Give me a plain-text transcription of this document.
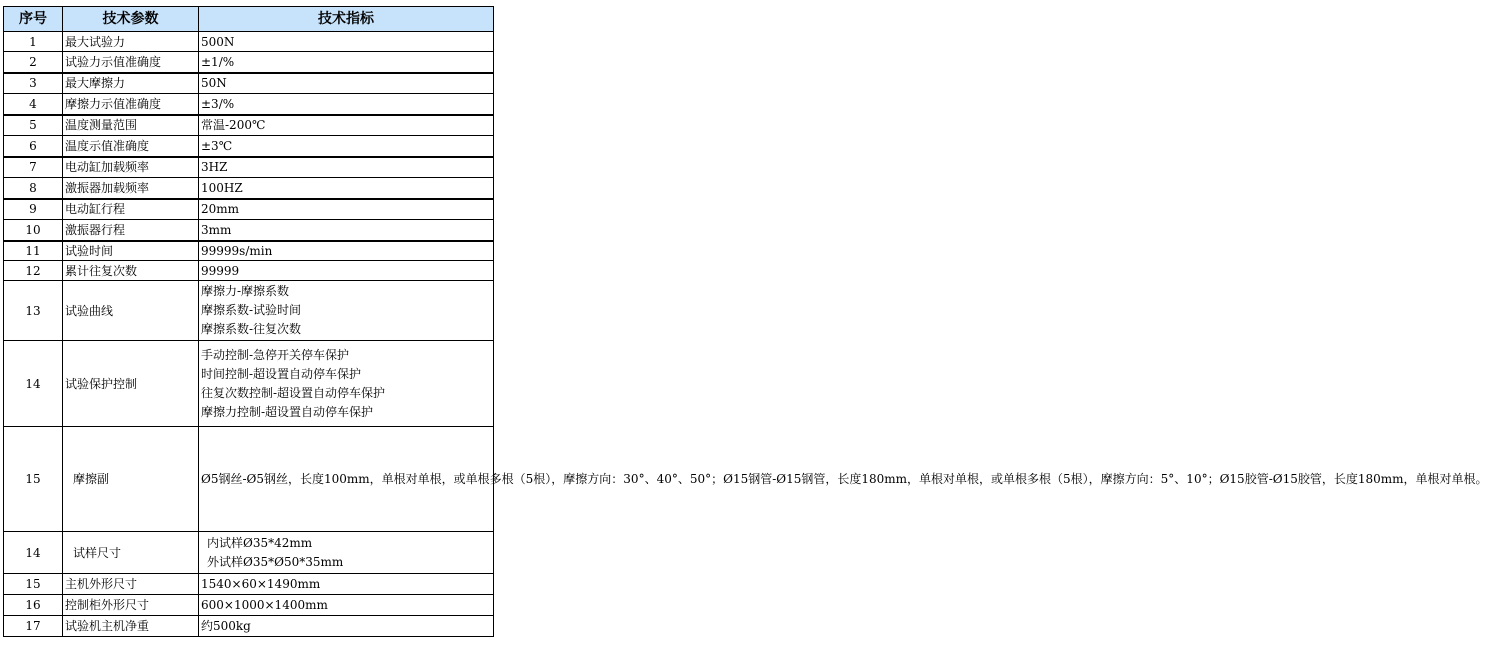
序号	技术参数	技术指标
1	最大试验力	500N
2	试验力示值准确度	±1/%
3	最大摩擦力	50N
4	摩擦力示值准确度	±3/%
5	温度测量范围	常温-200℃
6	温度示值准确度	±3℃
7	电动缸加载频率	3HZ
8	激振器加载频率	100HZ
9	电动缸行程	20mm
10	激振器行程	3mm
11	试验时间	99999s/min
12	累计往复次数	99999
13	试验曲线	摩擦力-摩擦系数
摩擦系数-试验时间
摩擦系数-往复次数

14	试验保护控制	手动控制-急停开关停车保护
时间控制-超设置自动停车保护
往复次数控制-超设置自动停车保护
摩擦力控制-超设置自动停车保护

15	摩擦副	Ø5钢丝-Ø5钢丝，长度100mm，单根对单根，或单根多根（5根），摩擦方向：30°、40°、50°；Ø15钢管-Ø15钢管，长度180mm，单根对单根，或单根多根（5根），摩擦方向：5°、10°；Ø15胶管-Ø15胶管，长度180mm，单根对单根。
14	试样尺寸	内试样Ø35*42mm
外试样Ø35*Ø50*35mm

15	主机外形尺寸	1540×60×1490mm
16	控制柜外形尺寸	600×1000×1400mm
17	试验机主机净重	约500kg
